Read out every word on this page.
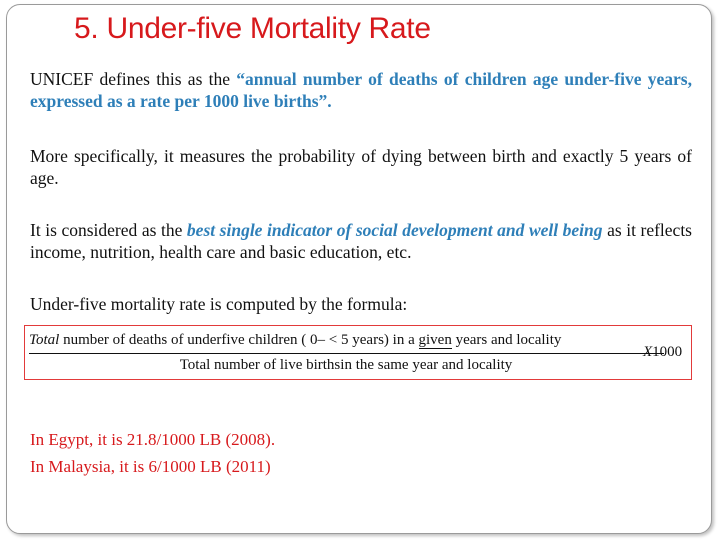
5. Under-five Mortality Rate
UNICEF defines this as the “annual number of deaths of children age under-five years, expressed as a rate per 1000 live births”.
More specifically, it measures the probability of dying between birth and exactly 5 years of age.
It is considered as the best single indicator of social development and well being as it reflects income, nutrition, health care and basic education, etc.
Under-five mortality rate is computed by the formula:
Total number of deaths of underfive children ( 0– < 5 years) in a given years and locality
Total number of live birthsin the same year and locality
X1000
In Egypt, it is 21.8/1000 LB (2008).
In Malaysia, it is 6/1000 LB (2011)
